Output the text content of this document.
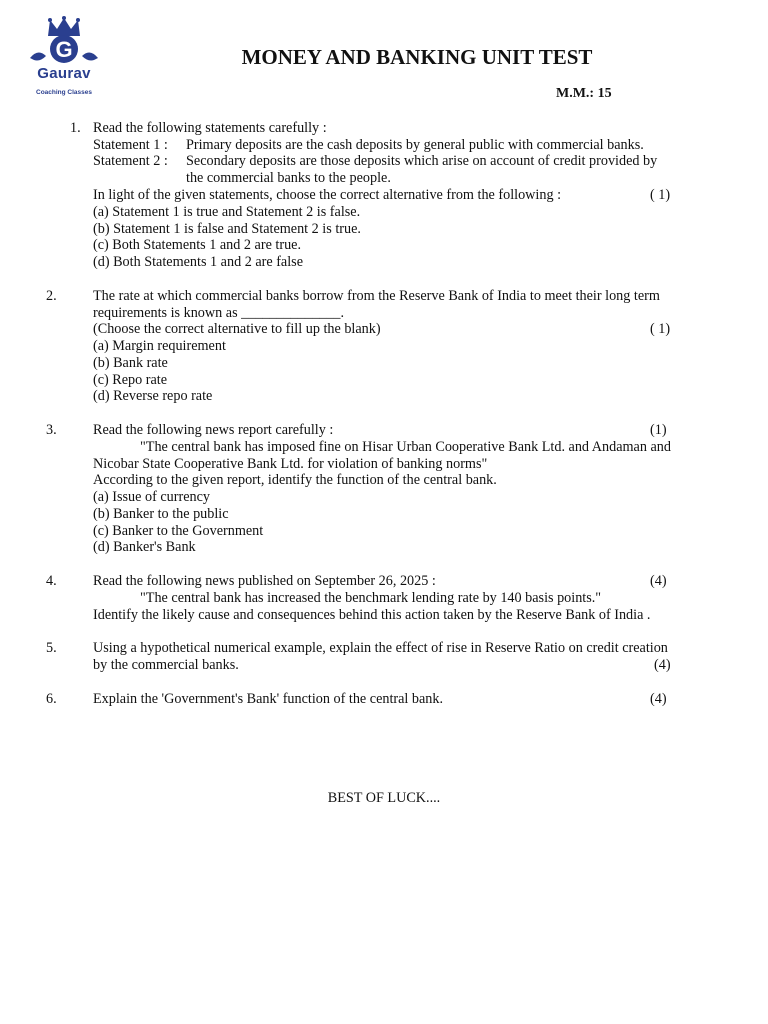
G
Gaurav
Coaching Classes
MONEY AND BANKING UNIT TEST
M.M.: 15
1. Read the following statements carefully :
Statement 1 : Primary deposits are the cash deposits by general public with commercial banks.
Statement 2 : Secondary deposits are those deposits which arise on account of credit provided by
the commercial banks to the people.
In light of the given statements, choose the correct alternative from the following :	( 1)
(a) Statement 1 is true and Statement 2 is false.
(b) Statement 1 is false and Statement 2 is true.
(c) Both Statements 1 and 2 are true.
(d) Both Statements 1 and 2 are false
2.	The rate at which commercial banks borrow from the Reserve Bank of India to meet their long term
requirements is known as ______________.
(Choose the correct alternative to fill up the blank)	( 1)
(a) Margin requirement
(b) Bank rate
(c) Repo rate
(d) Reverse repo rate
3.	Read the following news report carefully :	(1)
"The central bank has imposed fine on Hisar Urban Cooperative Bank Ltd. and Andaman and
Nicobar State Cooperative Bank Ltd. for violation of banking norms"
According to the given report, identify the function of the central bank.
(a) Issue of currency
(b) Banker to the public
(c) Banker to the Government
(d) Banker's Bank
4.	Read the following news published on September 26, 2025 :	(4)
"The central bank has increased the benchmark lending rate by 140 basis points."
Identify the likely cause and consequences behind this action taken by the Reserve Bank of India .
5.	Using a hypothetical numerical example, explain the effect of rise in Reserve Ratio on credit creation
by the commercial banks.	(4)
6.	Explain the 'Government's Bank' function of the central bank.	(4)
BEST OF LUCK....
